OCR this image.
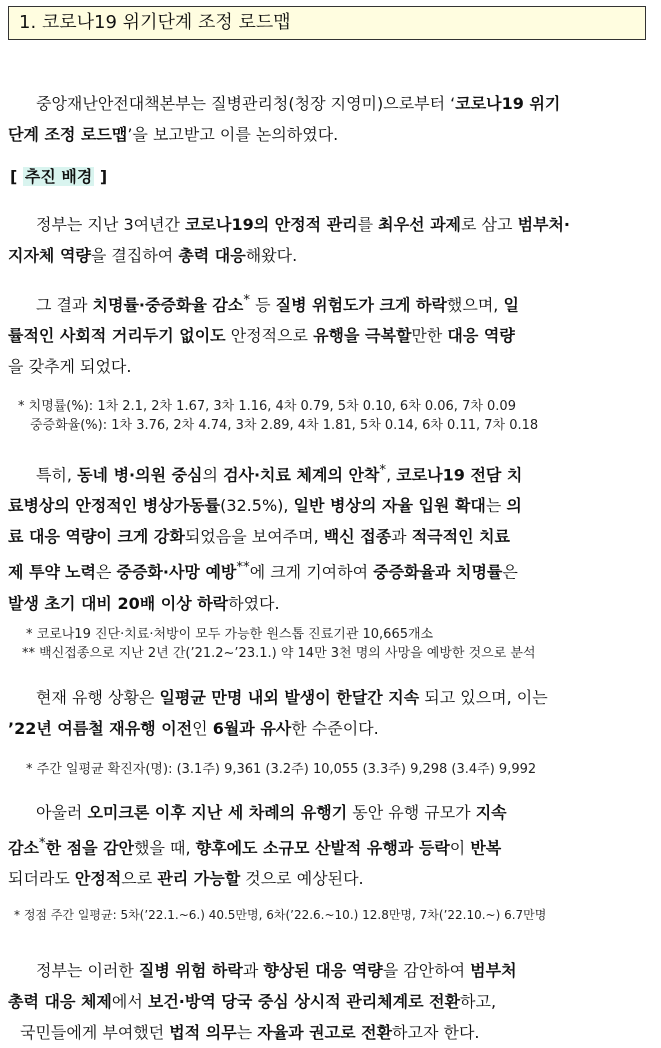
1. 코로나19 위기단계 조정 로드맵

중앙재난안전대책본부는 질병관리청(청장 지영미)으로부터 ‘코로나19 위기
단계 조정 로드맵’을 보고받고 이를 논의하였다.

[ 추진 배경 ]

정부는 지난 3여년간 코로나19의 안정적 관리를 최우선 과제로 삼고 범부처·
지자체 역량을 결집하여 총력 대응해왔다.

그 결과 치명률·중증화율 감소* 등 질병 위험도가 크게 하락했으며, 일
률적인 사회적 거리두기 없이도 안정적으로 유행을 극복할만한 대응 역량
을 갖추게 되었다.

* 치명률(%): 1차 2.1, 2차 1.67, 3차 1.16, 4차 0.79, 5차 0.10, 6차 0.06, 7차 0.09
중증화율(%): 1차 3.76, 2차 4.74, 3차 2.89, 4차 1.81, 5차 0.14, 6차 0.11, 7차 0.18

특히, 동네 병·의원 중심의 검사·치료 체계의 안착*, 코로나19 전담 치
료병상의 안정적인 병상가동률(32.5%), 일반 병상의 자율 입원 확대는 의
료 대응 역량이 크게 강화되었음을 보여주며, 백신 접종과 적극적인 치료
제 투약 노력은 중증화·사망 예방**에 크게 기여하여 중증화율과 치명률은
발생 초기 대비 20배 이상 하락하였다.

* 코로나19 진단·치료·처방이 모두 가능한 원스톱 진료기관 10,665개소
** 백신접종으로 지난 2년 간(’21.2~’23.1.) 약 14만 3천 명의 사망을 예방한 것으로 분석

현재 유행 상황은 일평균 만명 내외 발생이 한달간 지속 되고 있으며, 이는
’22년 여름철 재유행 이전인 6월과 유사한 수준이다.

* 주간 일평균 확진자(명): (3.1주) 9,361 (3.2주) 10,055 (3.3주) 9,298 (3.4주) 9,992

아울러 오미크론 이후 지난 세 차례의 유행기 동안 유행 규모가 지속
감소*한 점을 감안했을 때, 향후에도 소규모 산발적 유행과 등락이 반복
되더라도 안정적으로 관리 가능할 것으로 예상된다.

* 정점 주간 일평균: 5차(’22.1.~6.) 40.5만명, 6차(’22.6.~10.) 12.8만명, 7차(’22.10.~) 6.7만명

정부는 이러한 질병 위험 하락과 향상된 대응 역량을 감안하여 범부처
총력 대응 체제에서 보건·방역 당국 중심 상시적 관리체계로 전환하고,
국민들에게 부여했던 법적 의무는 자율과 권고로 전환하고자 한다.
